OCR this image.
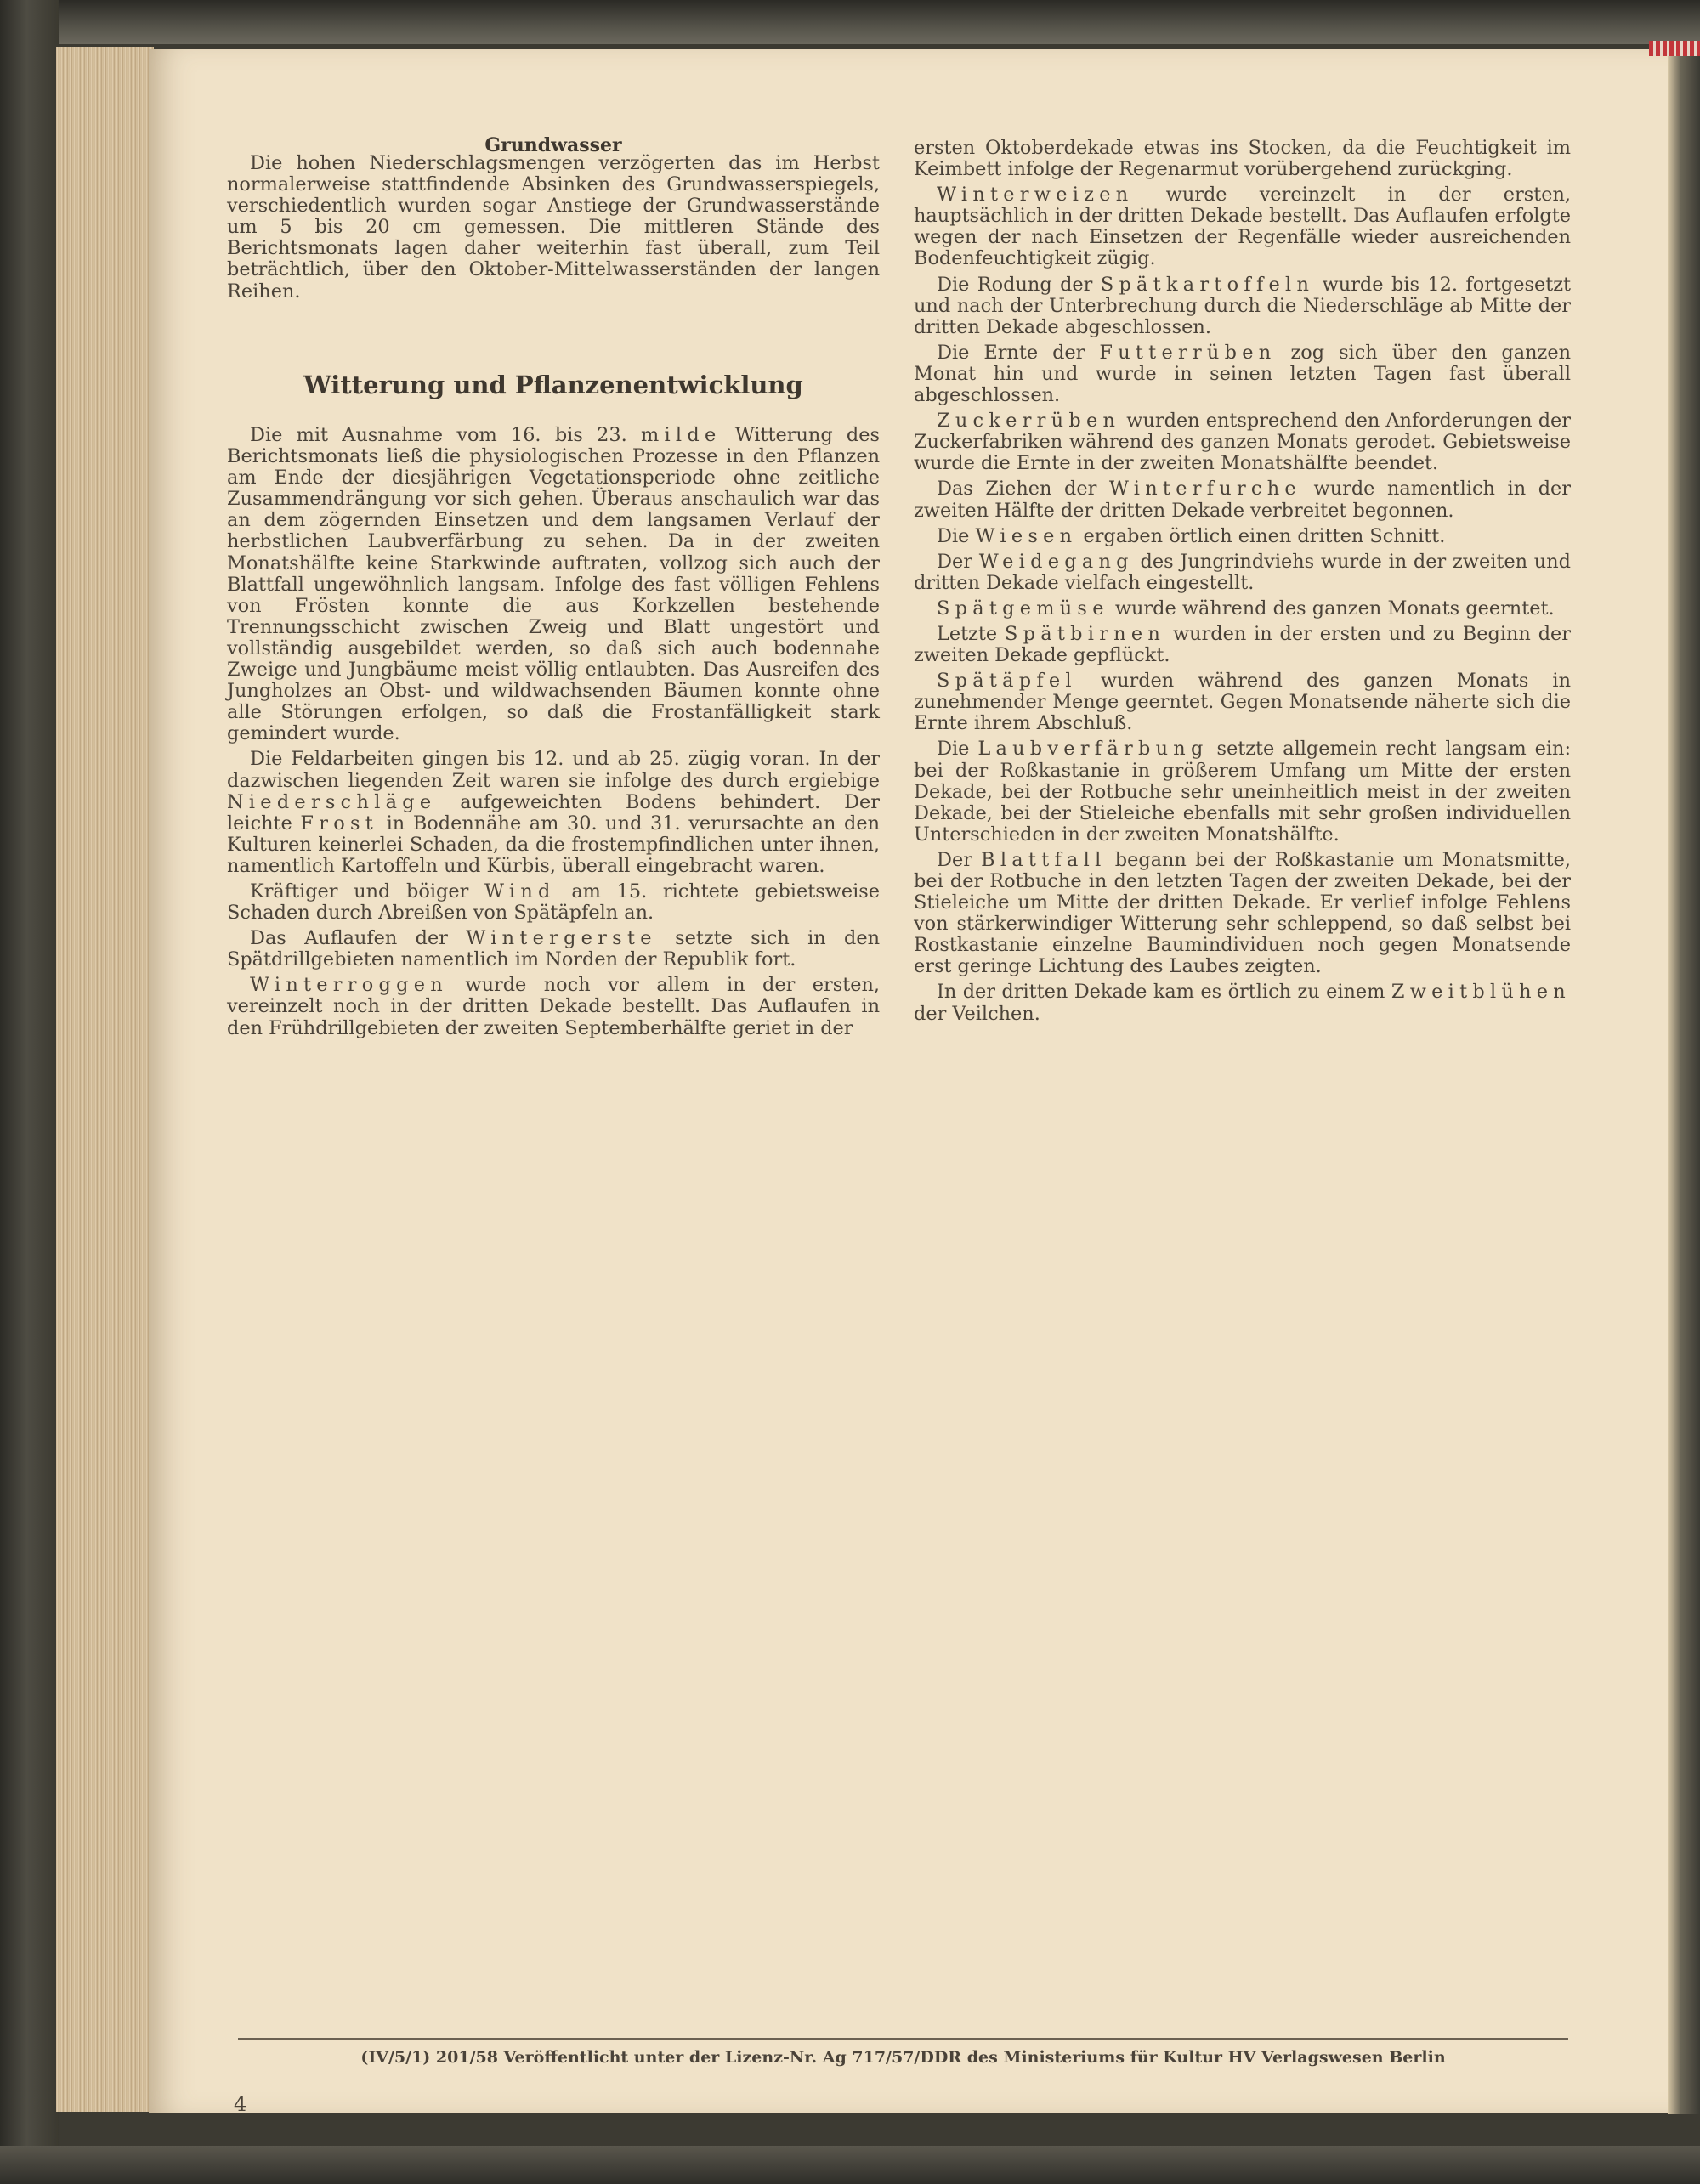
Grundwasser

Die hohen Niederschlagsmengen verzögerten das im Herbst normalerweise stattfindende Absinken des Grundwasserspiegels, verschiedentlich wurden sogar Anstiege der Grundwasserstände um 5 bis 20 cm gemessen. Die mittleren Stände des Berichtsmonats lagen daher weiterhin fast überall, zum Teil beträchtlich, über den Oktober-Mittelwasserständen der langen Reihen.

Witterung und Pflanzenentwicklung

Die mit Ausnahme vom 16. bis 23. milde Witterung des Berichtsmonats ließ die physiologischen Prozesse in den Pflanzen am Ende der diesjährigen Vegetationsperiode ohne zeitliche Zusammendrängung vor sich gehen. Überaus anschaulich war das an dem zögernden Einsetzen und dem langsamen Verlauf der herbstlichen Laubverfärbung zu sehen. Da in der zweiten Monatshälfte keine Starkwinde auftraten, vollzog sich auch der Blattfall ungewöhnlich langsam. Infolge des fast völligen Fehlens von Frösten konnte die aus Korkzellen bestehende Trennungsschicht zwischen Zweig und Blatt ungestört und vollständig ausgebildet werden, so daß sich auch bodennahe Zweige und Jungbäume meist völlig entlaubten. Das Ausreifen des Jungholzes an Obst- und wildwachsenden Bäumen konnte ohne alle Störungen erfolgen, so daß die Frostanfälligkeit stark gemindert wurde.

Die Feldarbeiten gingen bis 12. und ab 25. zügig voran. In der dazwischen liegenden Zeit waren sie infolge des durch ergiebige Niederschläge aufgeweichten Bodens behindert. Der leichte Frost in Bodennähe am 30. und 31. verursachte an den Kulturen keinerlei Schaden, da die frostempfindlichen unter ihnen, namentlich Kartoffeln und Kürbis, überall eingebracht waren.

Kräftiger und böiger Wind am 15. richtete gebietsweise Schaden durch Abreißen von Spätäpfeln an.

Das Auflaufen der Wintergerste setzte sich in den Spätdrillgebieten namentlich im Norden der Republik fort.

Winterroggen wurde noch vor allem in der ersten, vereinzelt noch in der dritten Dekade bestellt. Das Auflaufen in den Frühdrillgebieten der zweiten Septemberhälfte geriet in der

ersten Oktoberdekade etwas ins Stocken, da die Feuchtigkeit im Keimbett infolge der Regenarmut vorübergehend zurückging.

Winterweizen wurde vereinzelt in der ersten, hauptsächlich in der dritten Dekade bestellt. Das Auflaufen erfolgte wegen der nach Einsetzen der Regenfälle wieder ausreichenden Bodenfeuchtigkeit zügig.

Die Rodung der Spätkartoffeln wurde bis 12. fortgesetzt und nach der Unterbrechung durch die Niederschläge ab Mitte der dritten Dekade abgeschlossen.

Die Ernte der Futterrüben zog sich über den ganzen Monat hin und wurde in seinen letzten Tagen fast überall abgeschlossen.

Zuckerrüben wurden entsprechend den Anforderungen der Zuckerfabriken während des ganzen Monats gerodet. Gebietsweise wurde die Ernte in der zweiten Monatshälfte beendet.

Das Ziehen der Winterfurche wurde namentlich in der zweiten Hälfte der dritten Dekade verbreitet begonnen.

Die Wiesen ergaben örtlich einen dritten Schnitt.

Der Weidegang des Jungrindviehs wurde in der zweiten und dritten Dekade vielfach eingestellt.

Spätgemüse wurde während des ganzen Monats geerntet.

Letzte Spätbirnen wurden in der ersten und zu Beginn der zweiten Dekade gepflückt.

Spätäpfel wurden während des ganzen Monats in zunehmender Menge geerntet. Gegen Monatsende näherte sich die Ernte ihrem Abschluß.

Die Laubverfärbung setzte allgemein recht langsam ein: bei der Roßkastanie in größerem Umfang um Mitte der ersten Dekade, bei der Rotbuche sehr uneinheitlich meist in der zweiten Dekade, bei der Stieleiche ebenfalls mit sehr großen individuellen Unterschieden in der zweiten Monatshälfte.

Der Blattfall begann bei der Roßkastanie um Monatsmitte, bei der Rotbuche in den letzten Tagen der zweiten Dekade, bei der Stieleiche um Mitte der dritten Dekade. Er verlief infolge Fehlens von stärkerwindiger Witterung sehr schleppend, so daß selbst bei Rostkastanie einzelne Baumindividuen noch gegen Monatsende erst geringe Lichtung des Laubes zeigten.

In der dritten Dekade kam es örtlich zu einem Zweitblühen der Veilchen.

(IV/5/1) 201/58 Veröffentlicht unter der Lizenz-Nr. Ag 717/57/DDR des Ministeriums für Kultur HV Verlagswesen Berlin
4
